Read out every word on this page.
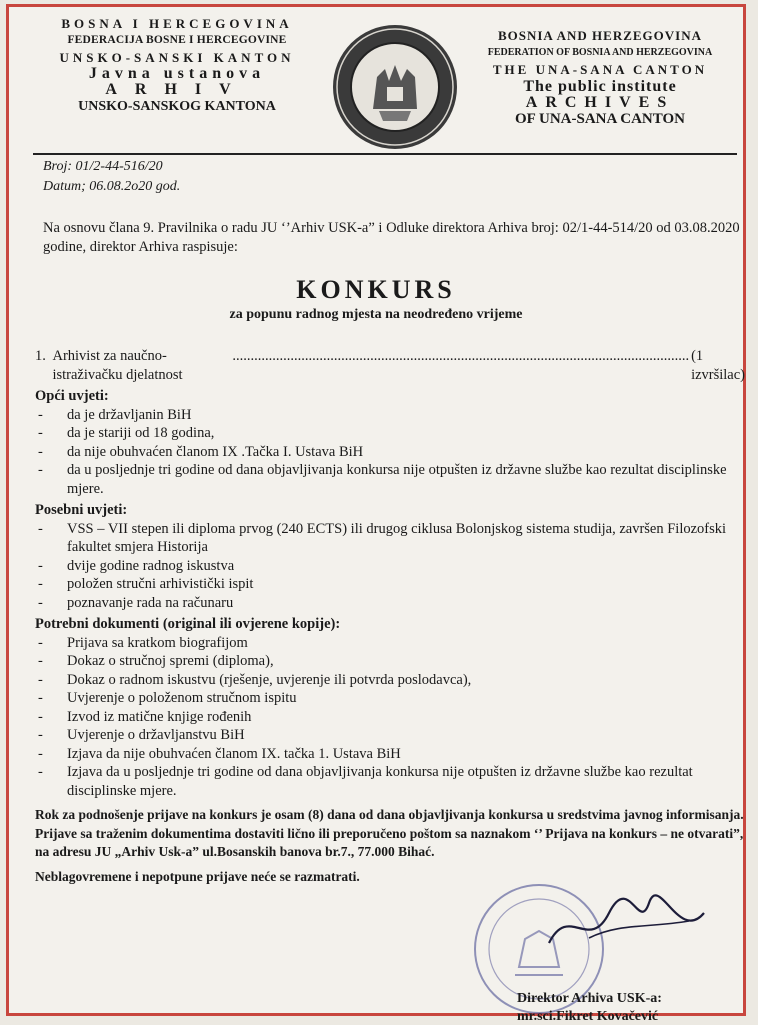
BOSNA I HERCEGOVINA
FEDERACIJA BOSNE I HERCEGOVINE
UNSKO-SANSKI KANTON
Javna ustanova
ARHIV
UNSKO-SANSKOG KANTONA
BOSNIA AND HERZEGOVINA
FEDERATION OF BOSNIA AND HERZEGOVINA
THE UNA-SANA CANTON
The public institute
ARCHIVES
OF UNA-SANA CANTON
Broj: 01/2-44-516/20
Datum; 06.08.2o20 god.
Na osnovu člana 9. Pravilnika o radu JU ‘’Arhiv USK-a” i Odluke direktora Arhiva broj: 02/1-44-514/20 od 03.08.2020 godine, direktor Arhiva raspisuje:
KONKURS
za popunu radnog mjesta na neodređeno vrijeme
1. Arhivist za naučno-istraživačku djelatnost
.............................................................................................................................. (1 izvršilac)
Opći uvjeti:
- da je državljanin BiH
- da je stariji od 18 godina,
- da nije obuhvaćen članom IX .Tačka I. Ustava BiH
- da u posljednje tri godine od dana objavljivanja konkursa nije otpušten iz državne službe kao rezultat disciplinske mjere.
Posebni uvjeti:
- VSS – VII stepen ili diploma prvog (240 ECTS) ili drugog ciklusa Bolonjskog sistema studija, završen Filozofski fakultet smjera Historija
- dvije godine radnog iskustva
- položen stručni arhivistički ispit
- poznavanje rada na računaru
Potrebni dokumenti (original ili ovjerene kopije):
- Prijava sa kratkom biografijom
- Dokaz o stručnoj spremi (diploma),
- Dokaz o radnom iskustvu (rješenje, uvjerenje ili potvrda poslodavca),
- Uvjerenje o položenom stručnom ispitu
- Izvod iz matične knjige rođenih
- Uvjerenje o državljanstvu BiH
- Izjava da nije obuhvaćen članom IX. tačka 1. Ustava BiH
- Izjava da u posljednje tri godine od dana objavljivanja konkursa nije otpušten iz državne službe kao rezultat disciplinske mjere.
Rok za podnošenje prijave na konkurs je osam (8) dana od dana objavljivanja konkursa u sredstvima javnog informisanja. Prijave sa traženim dokumentima dostaviti lično ili preporučeno poštom sa naznakom ‘’ Prijava na konkurs – ne otvarati”, na adresu JU „Arhiv Usk-a” ul.Bosanskih banova br.7., 77.000 Bihać.
Neblagovremene i nepotpune prijave neće se razmatrati.
Direktor Arhiva USK-a:
mr.sci.Fikret Kovačević
